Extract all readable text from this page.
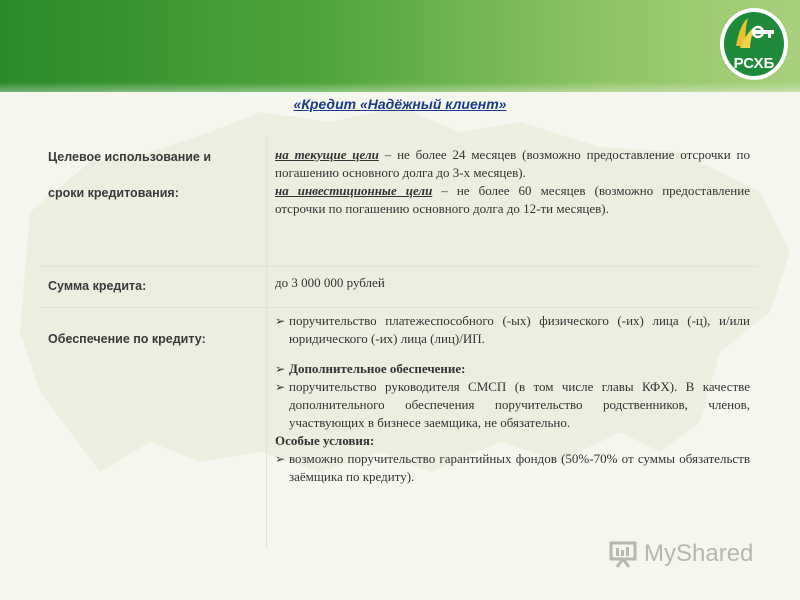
РСХБ
«Кредит «Надёжный клиент»
Целевое использование и
сроки кредитования:
на текущие цели – не более 24 месяцев (возможно предоставление отсрочки по погашению основного долга до 3-х месяцев).
на инвестиционные цели – не более 60 месяцев (возможно предоставление отсрочки по погашению основного долга до 12-ти месяцев).
Сумма кредита:	до 3 000 000 рублей
Обеспечение по кредиту:
➢ поручительство платежеспособного (-ых) физического (-их) лица (-ц), и/или юридического (-их) лица (лиц)/ИП.
➢ Дополнительное обеспечение:
➢ поручительство руководителя СМСП (в том числе главы КФХ). В качестве дополнительного обеспечения поручительство родственников, членов, участвующих в бизнесе заемщика, не обязательно.
Особые условия:
➢ возможно поручительство гарантийных фондов (50%-70% от суммы обязательств заёмщика по кредиту).
MyShared
